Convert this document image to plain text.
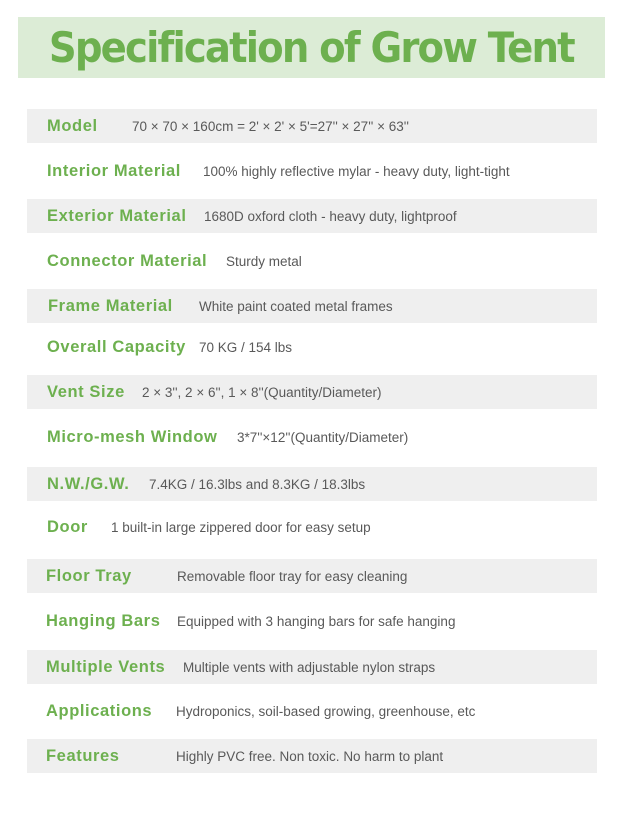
Specification of Grow Tent
Model	70 × 70 × 160cm = 2' × 2' × 5'=27'' × 27'' × 63''
Interior Material	100% highly reflective mylar - heavy duty, light-tight
Exterior Material	1680D oxford cloth - heavy duty, lightproof
Connector Material	Sturdy metal
Frame Material	White paint coated metal frames
Overall Capacity 70 KG / 154 lbs
Vent Size	2 × 3'', 2 × 6'', 1 × 8''(Quantity/Diameter)
Micro-mesh Window	3*7''×12''(Quantity/Diameter)
N.W./G.W.	7.4KG / 16.3lbs and 8.3KG / 18.3lbs
Door	1 built-in large zippered door for easy setup
Floor Tray	Removable floor tray for easy cleaning
Hanging Bars	Equipped with 3 hanging bars for safe hanging
Multiple Vents	Multiple vents with adjustable nylon straps
Applications	Hydroponics, soil-based growing, greenhouse, etc
Features	Highly PVC free. Non toxic. No harm to plant
